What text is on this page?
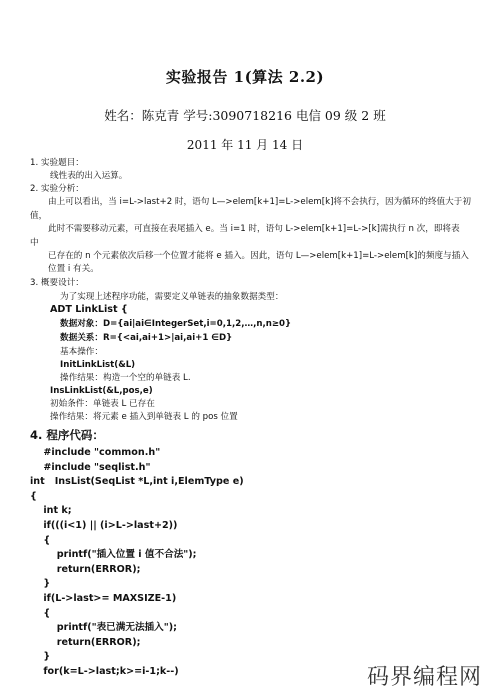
实验报告 1(算法 2.2)
姓名：陈克青 学号:3090718216 电信 09 级 2 班
2011 年 11 月 14 日
1. 实验题目：
线性表的出入运算。
2. 实验分析：
由上可以看出，当 i=L->last+2 时，语句 L—>elem[k+1]=L->elem[k]将不会执行，因为循环的终值大于初
值，
此时不需要移动元素，可直接在表尾插入 e。当 i=1 时，语句 L->elem[k+1]=L->[k]需执行 n 次，即将表
中
已存在的 n 个元素依次后移一个位置才能将 e 插入。因此，语句 L—>elem[k+1]=L->elem[k]的频度与插入
位置 i 有关。
3. 概要设计：
为了实现上述程序功能，需要定义单链表的抽象数据类型：
ADT LinkList {
数据对象：D={ai|ai∈IntegerSet,i=0,1,2,…,n,n≥0}
数据关系：R={<ai,ai+1>|ai,ai+1 ∈D}
基本操作：
InitLinkList(&L)
操作结果：构造一个空的单链表 L.
InsLinkList(&L,pos,e)
初始条件：单链表 L 已存在
操作结果：将元素 e 插入到单链表 L 的 pos 位置
4. 程序代码：
#include "common.h"
#include "seqlist.h"
int   InsList(SeqList *L,int i,ElemType e)
{
int k;
if(((i<1) || (i>L->last+2))
{
printf("插入位置 i 值不合法");
return(ERROR);
}
if(L->last>= MAXSIZE-1)
{
printf("表已满无法插入");
return(ERROR);
}
for(k=L->last;k>=i-1;k--)	码界编程网
